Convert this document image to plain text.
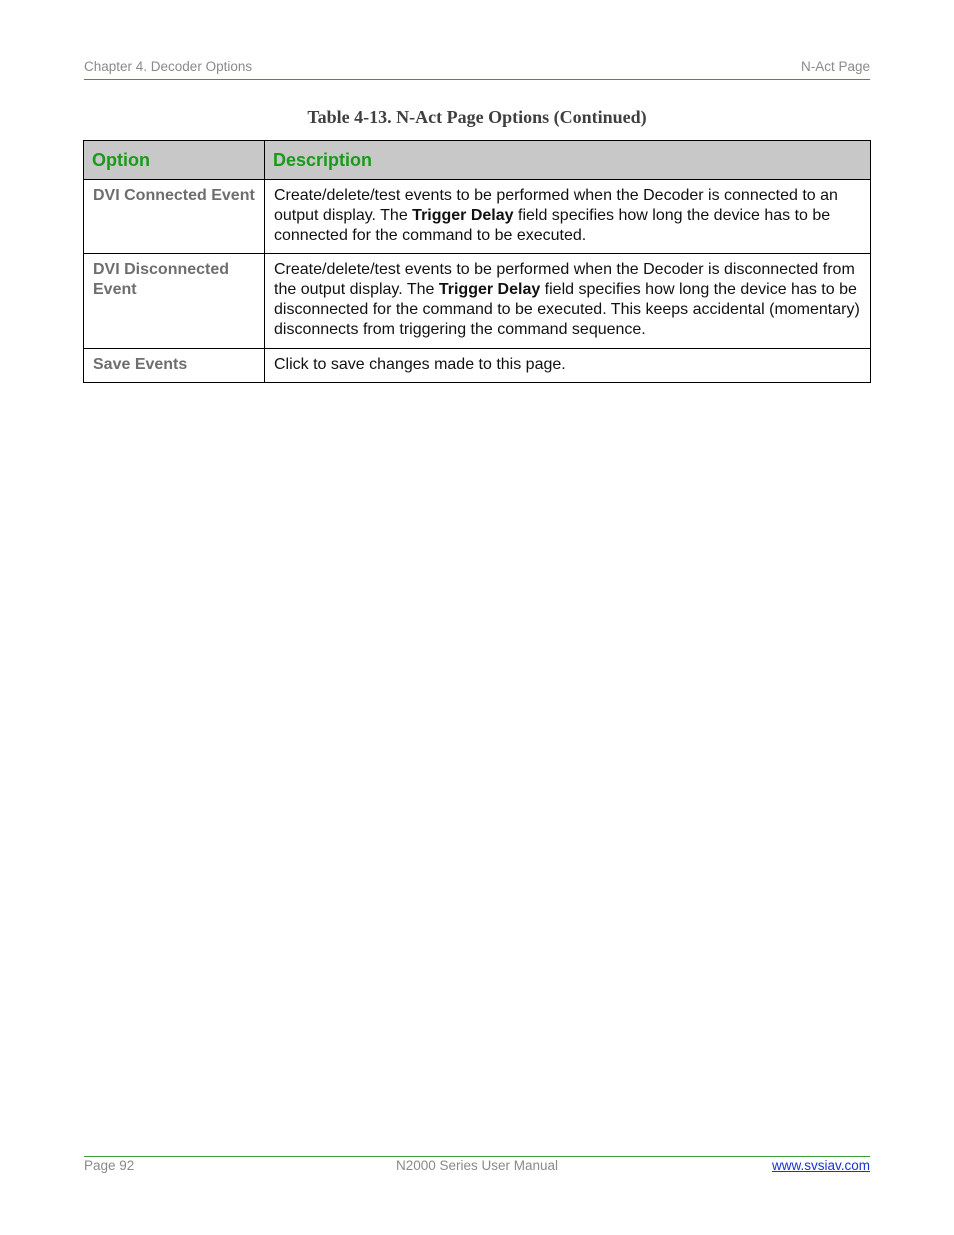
Chapter 4. Decoder Options	N-Act Page
Table 4-13. N-Act Page Options (Continued)
Option	Description
DVI Connected Event	Create/delete/test events to be performed when the Decoder is connected to an output display. The Trigger Delay field specifies how long the device has to be connected for the command to be executed.
DVI Disconnected Event	Create/delete/test events to be performed when the Decoder is disconnected from the output display. The Trigger Delay field specifies how long the device has to be disconnected for the command to be executed. This keeps accidental (momentary) disconnects from triggering the command sequence.
Save Events	Click to save changes made to this page.
Page 92	N2000 Series User Manual	www.svsiav.com
